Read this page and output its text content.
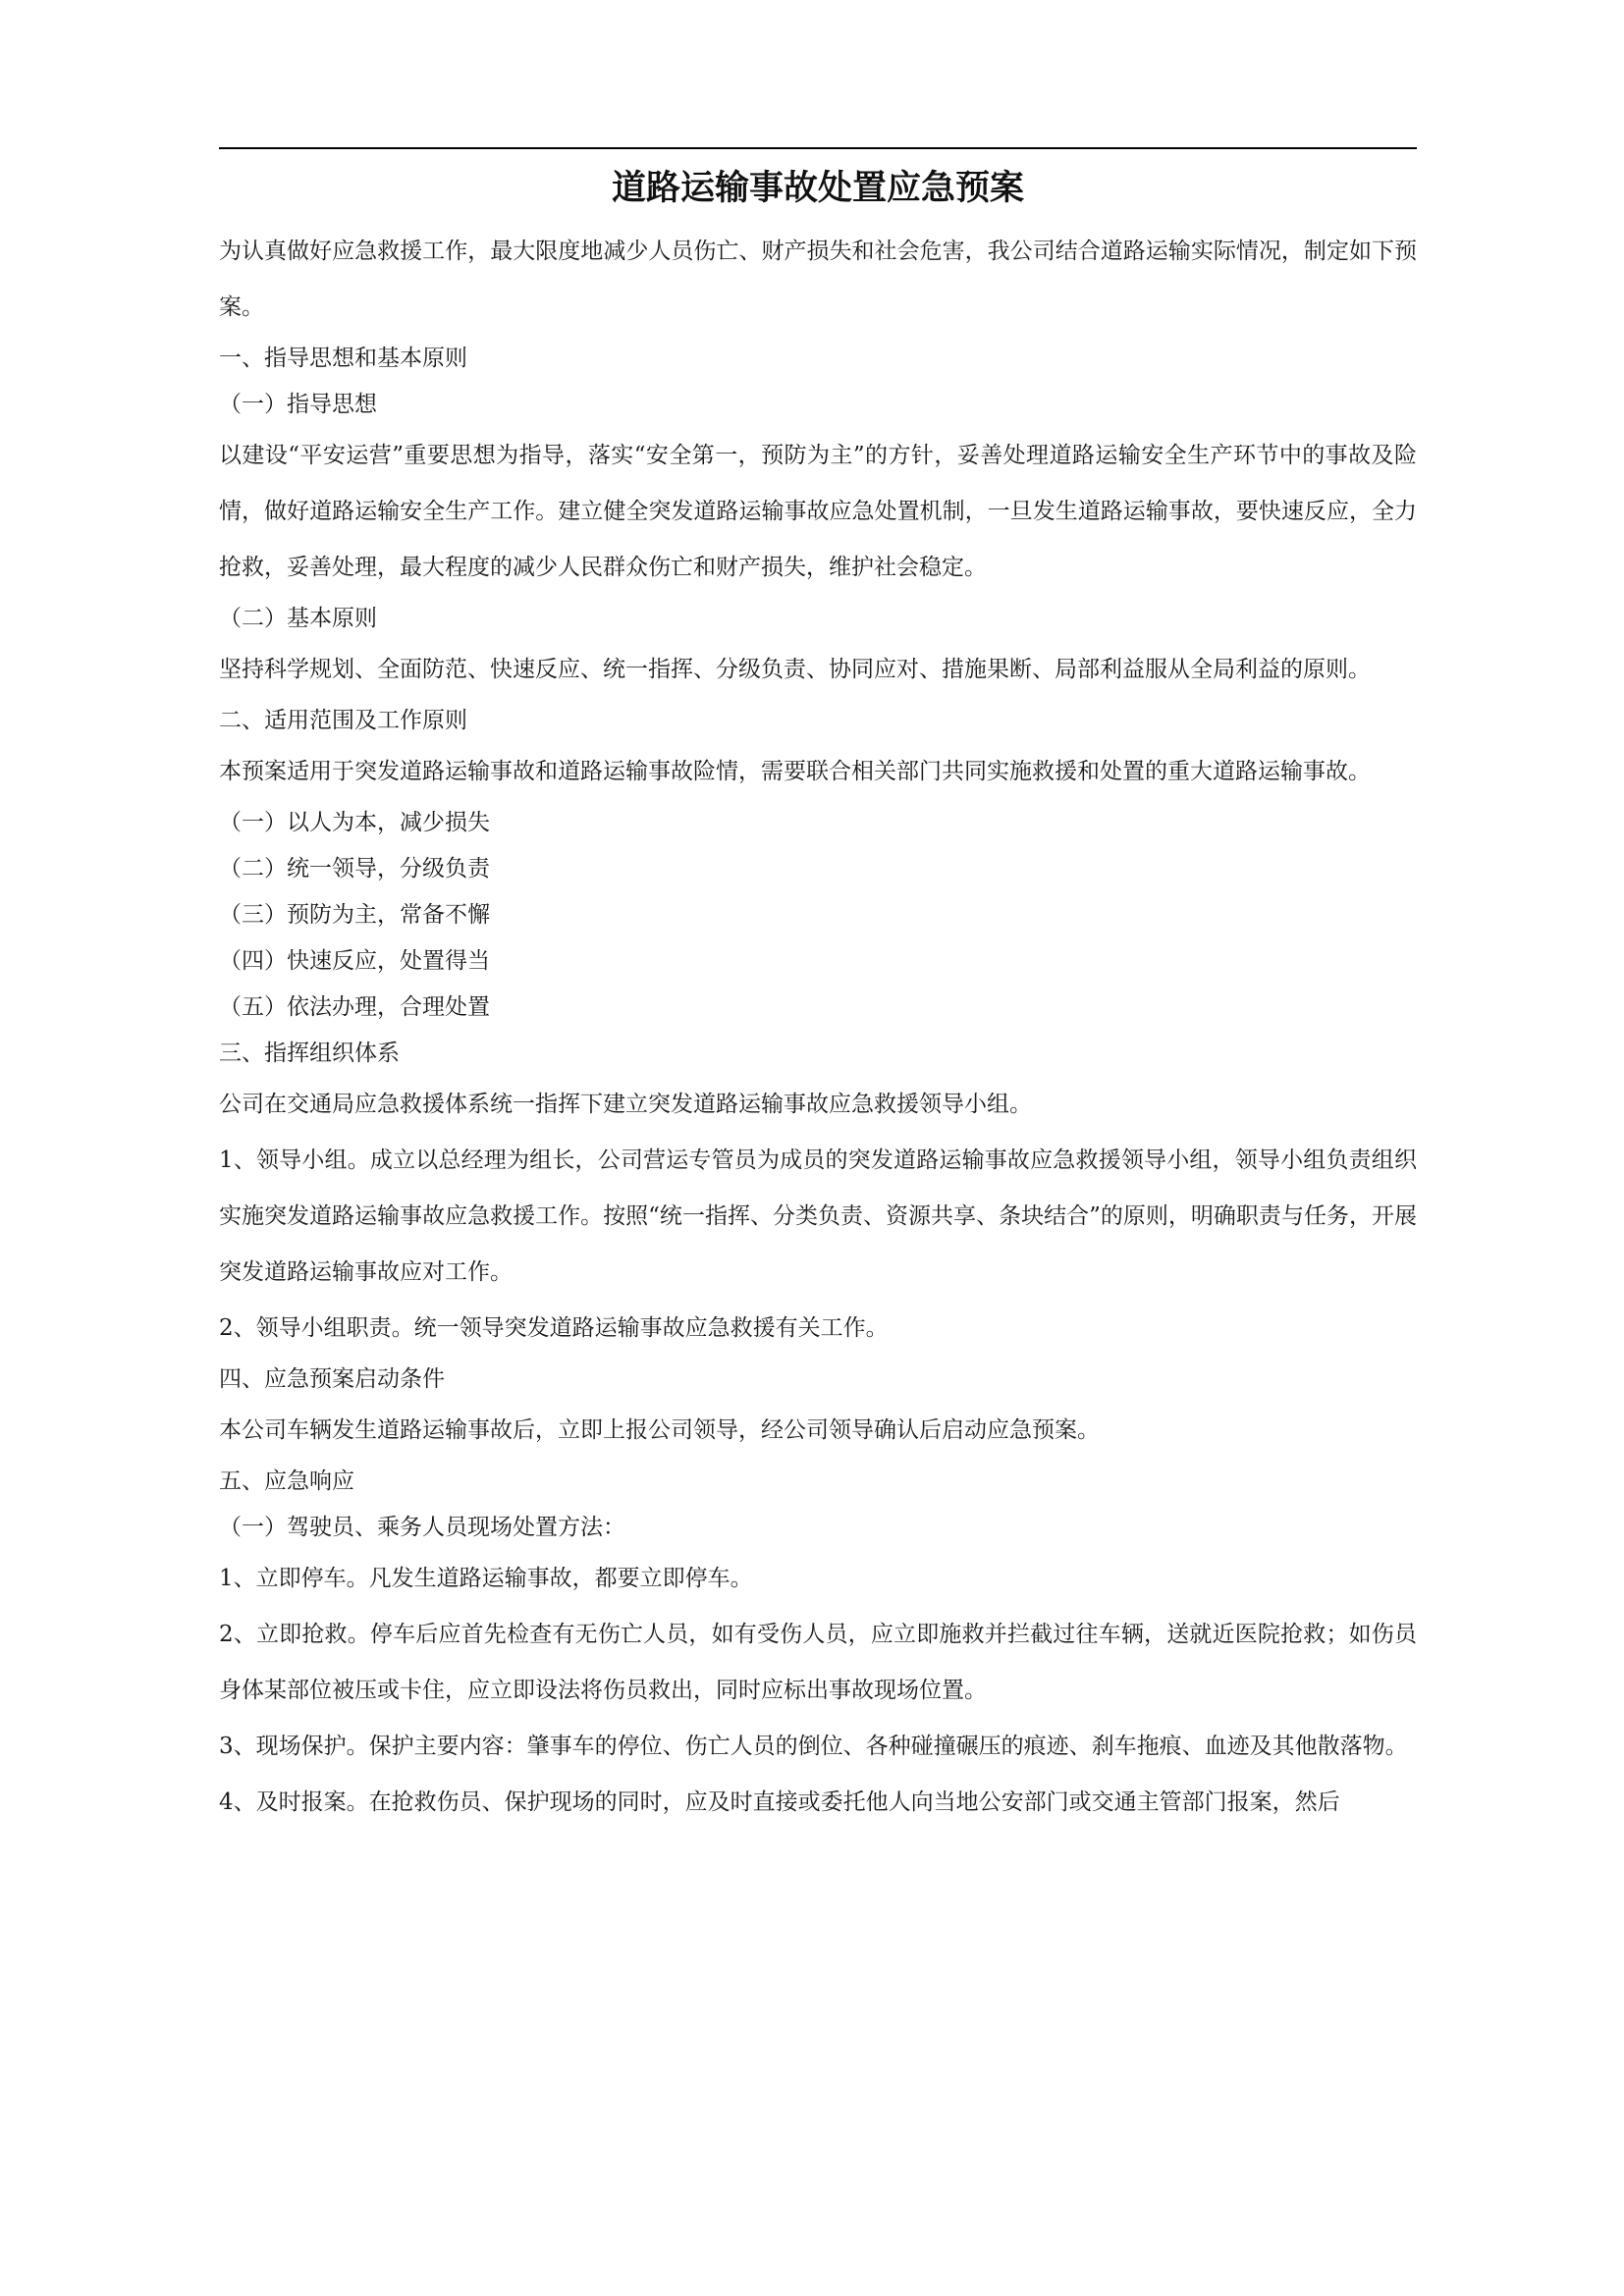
道路运输事故处置应急预案

为认真做好应急救援工作，最大限度地减少人员伤亡、财产损失和社会危害，我公司结合道路运输实际情况，制定如下预案。

一、指导思想和基本原则

（一）指导思想

以建设“平安运营”重要思想为指导，落实“安全第一，预防为主”的方针，妥善处理道路运输安全生产环节中的事故及险情，做好道路运输安全生产工作。建立健全突发道路运输事故应急处置机制，一旦发生道路运输事故，要快速反应，全力抢救，妥善处理，最大程度的减少人民群众伤亡和财产损失，维护社会稳定。

（二）基本原则

坚持科学规划、全面防范、快速反应、统一指挥、分级负责、协同应对、措施果断、局部利益服从全局利益的原则。

二、适用范围及工作原则

本预案适用于突发道路运输事故和道路运输事故险情，需要联合相关部门共同实施救援和处置的重大道路运输事故。

（一）以人为本，减少损失

（二）统一领导，分级负责

（三）预防为主，常备不懈

（四）快速反应，处置得当

（五）依法办理，合理处置

三、指挥组织体系

公司在交通局应急救援体系统一指挥下建立突发道路运输事故应急救援领导小组。

1、领导小组。成立以总经理为组长，公司营运专管员为成员的突发道路运输事故应急救援领导小组，领导小组负责组织实施突发道路运输事故应急救援工作。按照“统一指挥、分类负责、资源共享、条块结合”的原则，明确职责与任务，开展突发道路运输事故应对工作。

2、领导小组职责。统一领导突发道路运输事故应急救援有关工作。

四、应急预案启动条件

本公司车辆发生道路运输事故后，立即上报公司领导，经公司领导确认后启动应急预案。

五、应急响应

（一）驾驶员、乘务人员现场处置方法：

1、立即停车。凡发生道路运输事故，都要立即停车。

2、立即抢救。停车后应首先检查有无伤亡人员，如有受伤人员，应立即施救并拦截过往车辆，送就近医院抢救；如伤员身体某部位被压或卡住，应立即设法将伤员救出，同时应标出事故现场位置。

3、现场保护。保护主要内容：肇事车的停位、伤亡人员的倒位、各种碰撞碾压的痕迹、刹车拖痕、血迹及其他散落物。

4、及时报案。在抢救伤员、保护现场的同时，应及时直接或委托他人向当地公安部门或交通主管部门报案，然后
